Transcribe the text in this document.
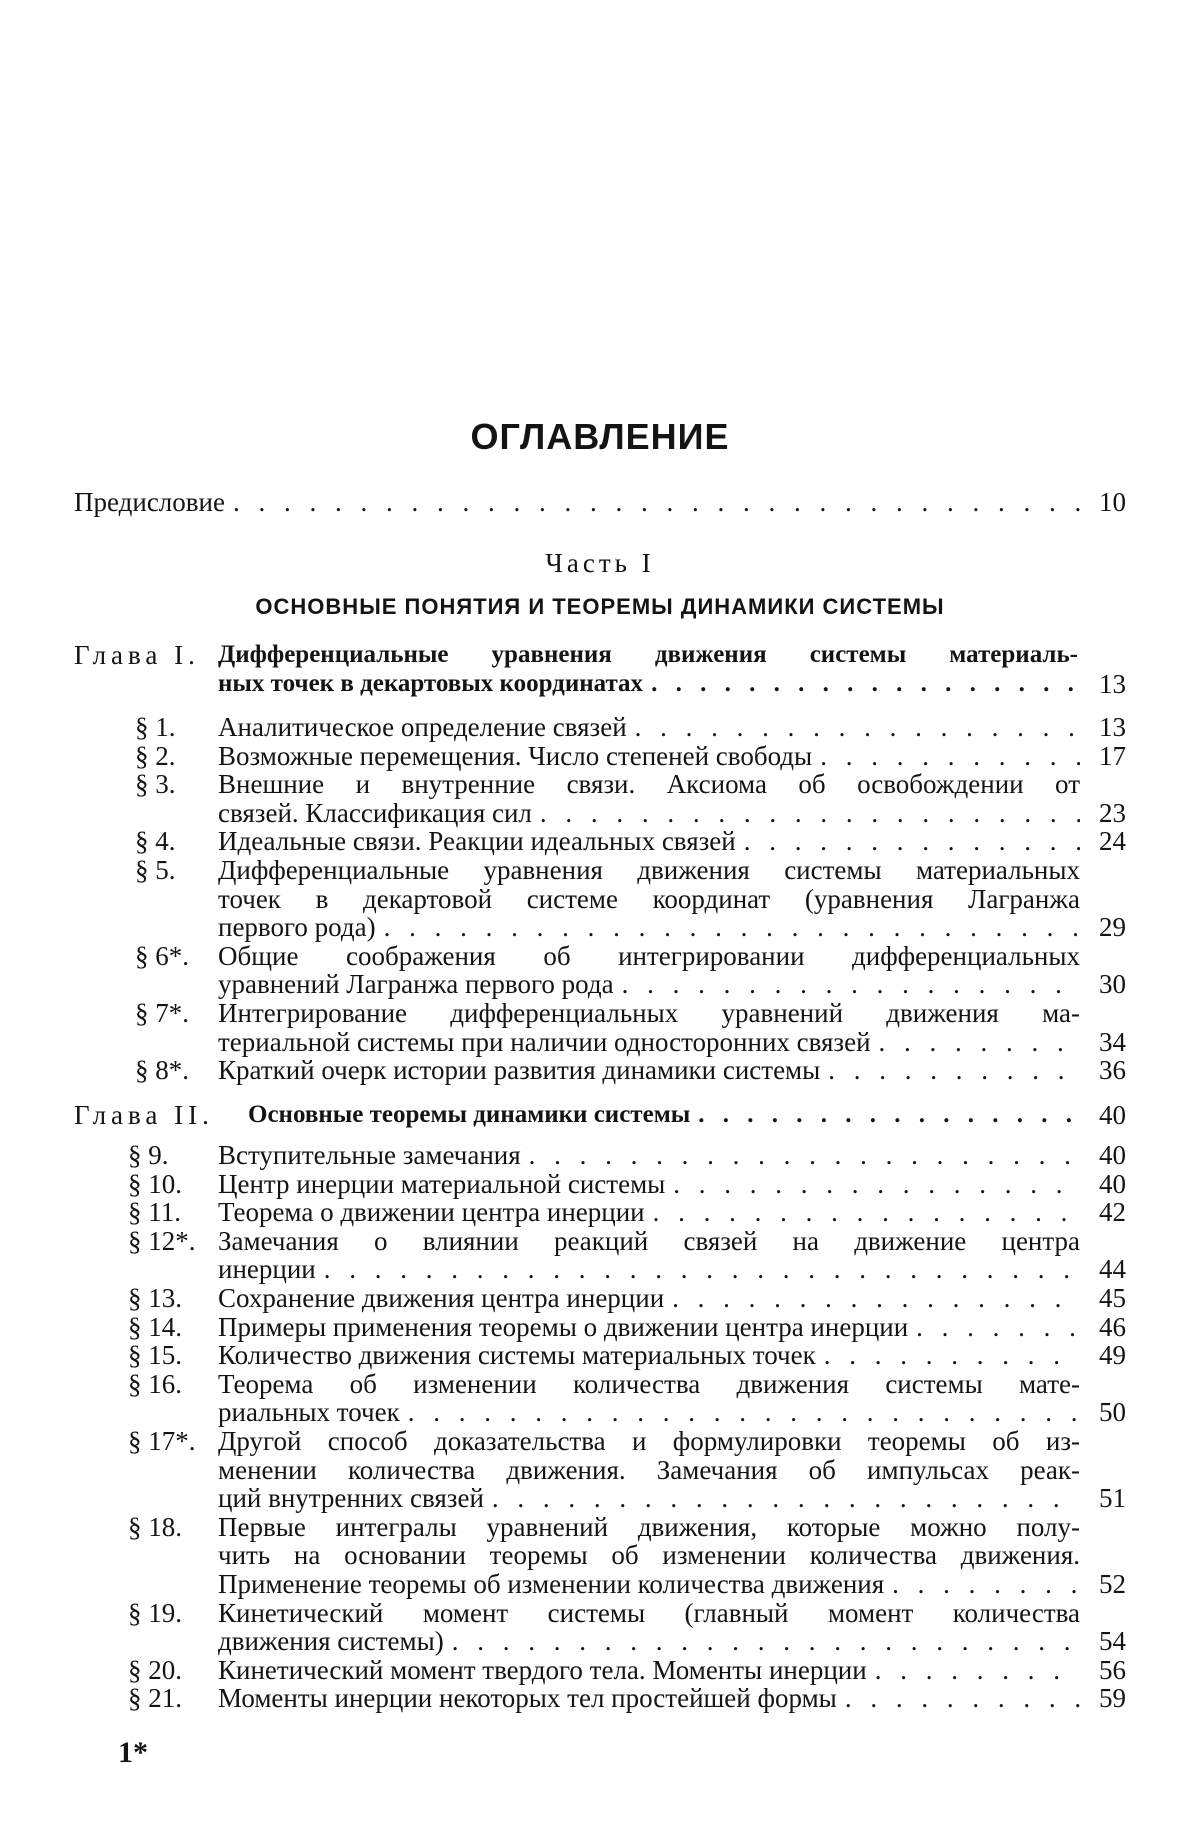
ОГЛАВЛЕНИЕ
Предисловие . . .	10
Часть I
ОСНОВНЫЕ ПОНЯТИЯ И ТЕОРЕМЫ ДИНАМИКИ СИСТЕМЫ
Глава I. Дифференциальные уравнения движения системы материаль-
ных точек в декартовых координатах . . .	13
§ 1. Аналитическое определение связей . . .	13
§ 2. Возможные перемещения. Число степеней свободы . . .	17
§ 3. Внешние и внутренние связи. Аксиома об освобождении от
связей. Классификация сил . . .	23
§ 4. Идеальные связи. Реакции идеальных связей . . .	24
§ 5. Дифференциальные уравнения движения системы материальных
точек в декартовой системе координат (уравнения Лагранжа
первого рода) . . .	29
§ 6*. Общие соображения об интегрировании дифференциальных
уравнений Лагранжа первого рода . . .	30
§ 7*. Интегрирование дифференциальных уравнений движения ма-
териальной системы при наличии односторонних связей . . .	34
§ 8*. Краткий очерк истории развития динамики системы . . .	36
Глава II. Основные теоремы динамики системы . . .	40
§ 9. Вступительные замечания . . .	40
§ 10. Центр инерции материальной системы . . .	40
§ 11. Теорема о движении центра инерции . . .	42
§ 12*. Замечания о влиянии реакций связей на движение центра
инерции . . .	44
§ 13. Сохранение движения центра инерции . . .	45
§ 14. Примеры применения теоремы о движении центра инерции . . .	46
§ 15. Количество движения системы материальных точек . . .	49
§ 16. Теорема об изменении количества движения системы мате-
риальных точек . . .	50
§ 17*. Другой способ доказательства и формулировки теоремы об из-
менении количества движения. Замечания об импульсах реак-
ций внутренних связей . . .	51
§ 18. Первые интегралы уравнений движения, которые можно полу-
чить на основании теоремы об изменении количества движения.
Применение теоремы об изменении количества движения . . .	52
§ 19. Кинетический момент системы (главный момент количества
движения системы) . . .	54
§ 20. Кинетический момент твердого тела. Моменты инерции . . .	56
§ 21. Моменты инерции некоторых тел простейшей формы . . .	59
1*
